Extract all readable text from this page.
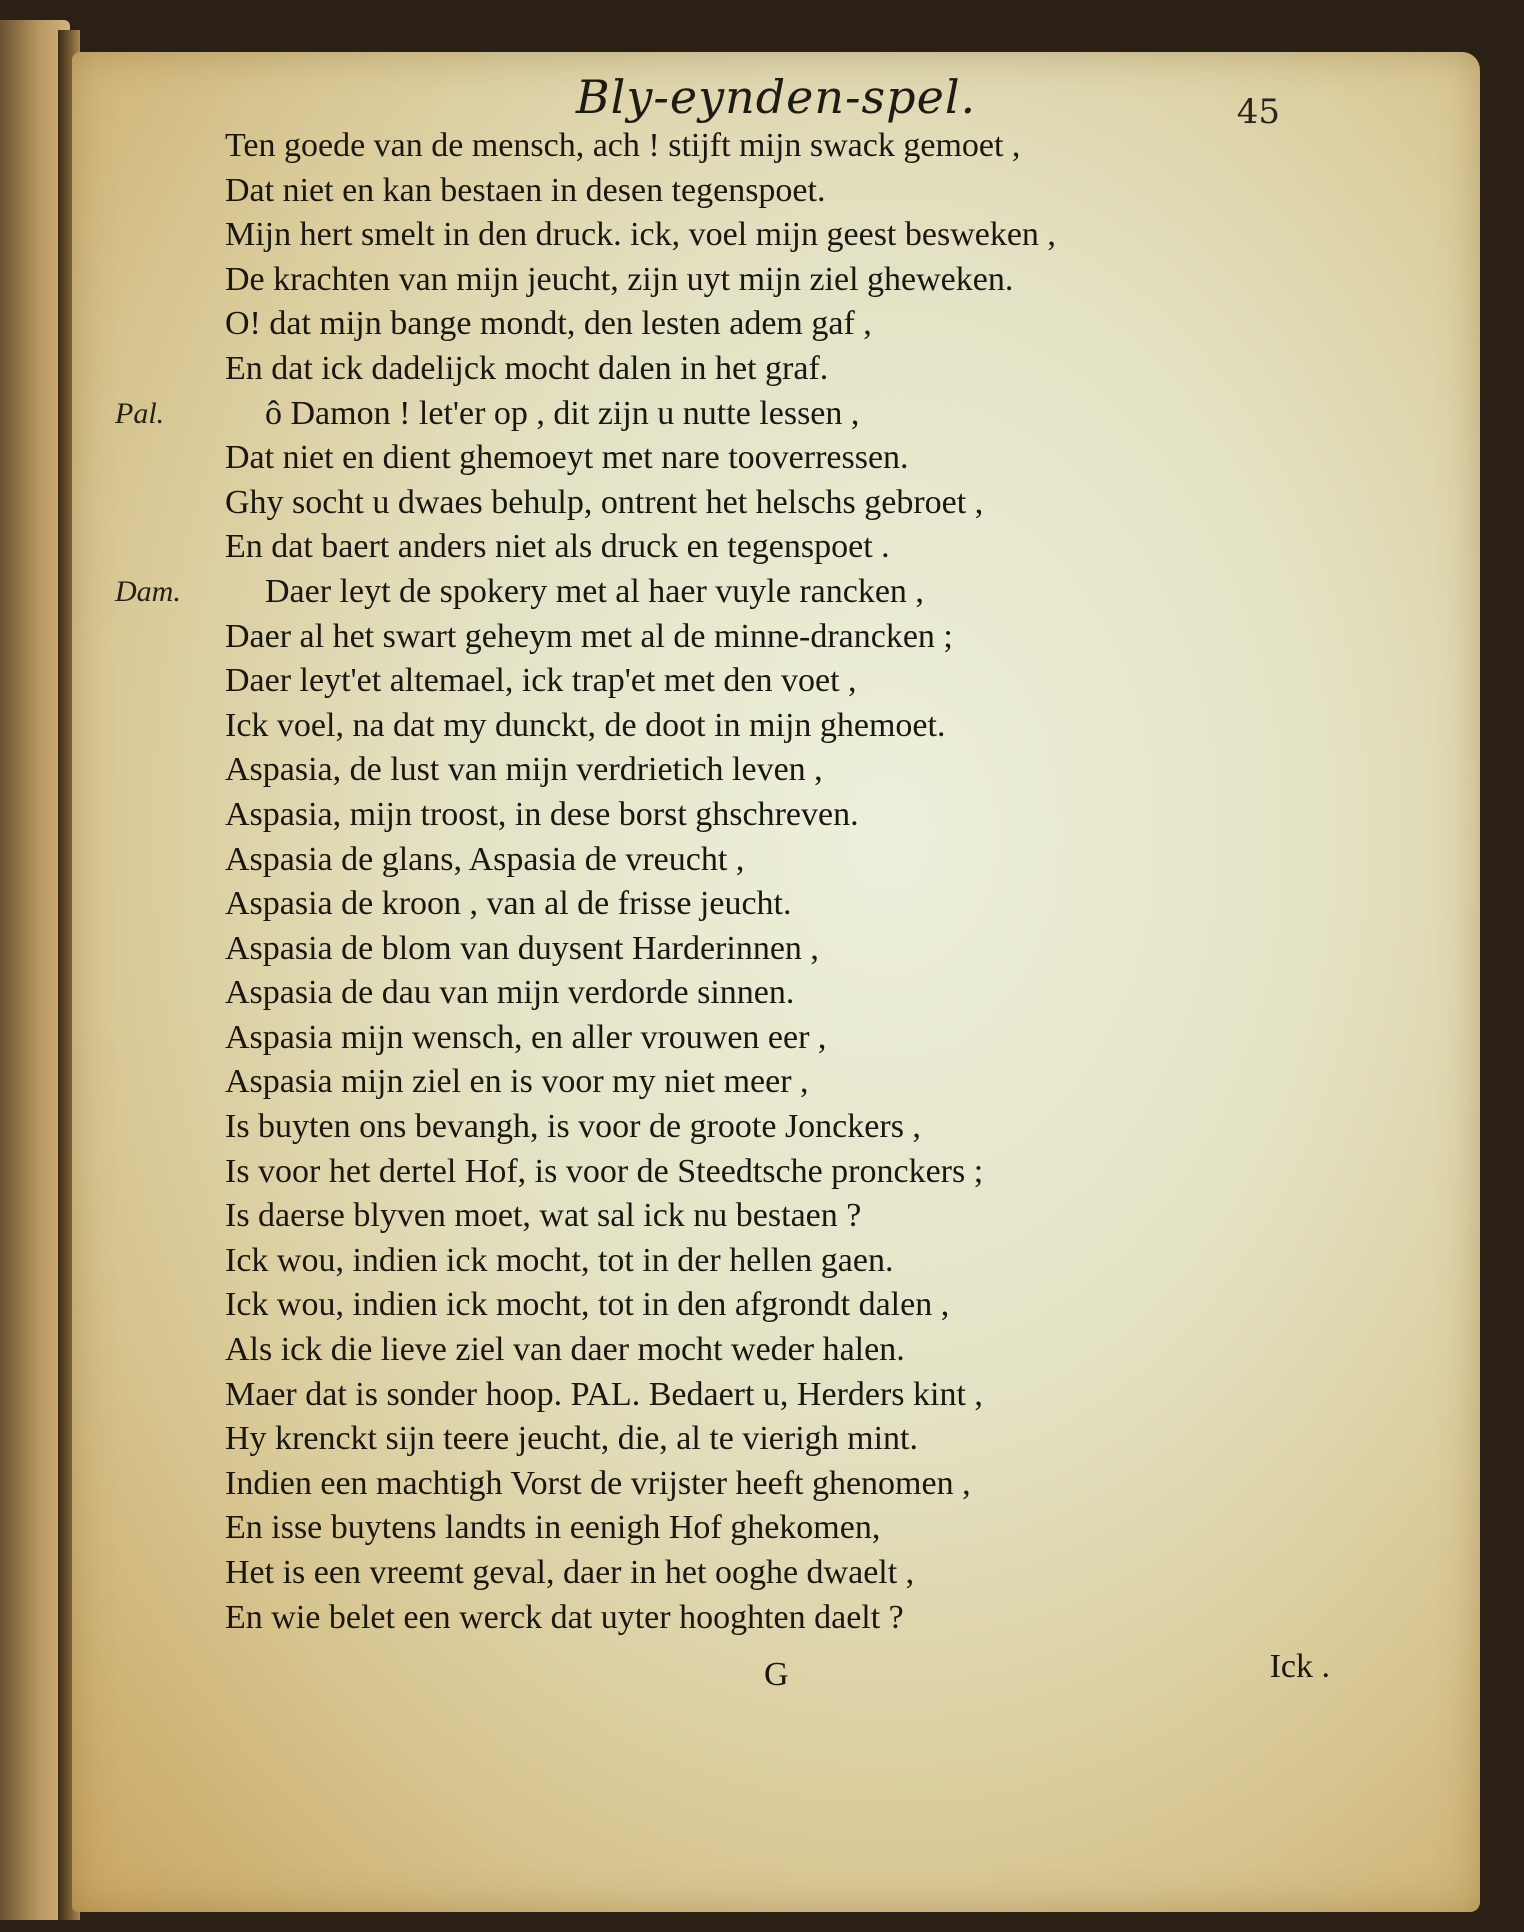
Bly-eynden-spel.	45
Ten goede van de mensch, ach ! stijft mijn swack gemoet ,
Dat niet en kan bestaen in desen tegenspoet.
Mijn hert smelt in den druck. ick, voel mijn geest besweken ,
De krachten van mijn jeucht, zijn uyt mijn ziel gheweken.
O! dat mijn bange mondt, den lesten adem gaf ,
En dat ick dadelijck mocht dalen in het graf.
Pal.	ô Damon ! let'er op , dit zijn u nutte lessen ,
Dat niet en dient ghemoeyt met nare tooverressen.
Ghy socht u dwaes behulp, ontrent het helschs gebroet ,
En dat baert anders niet als druck en tegenspoet .
Dam. Daer leyt de spokery met al haer vuyle rancken ,
Daer al het swart geheym met al de minne-drancken ;
Daer leyt'et altemael, ick trap'et met den voet ,
Ick voel, na dat my dunckt, de doot in mijn ghemoet.
Aspasia, de lust van mijn verdrietich leven ,
Aspasia, mijn troost, in dese borst ghschreven.
Aspasia de glans, Aspasia de vreucht ,
Aspasia de kroon , van al de frisse jeucht.
Aspasia de blom van duysent Harderinnen ,
Aspasia de dau van mijn verdorde sinnen.
Aspasia mijn wensch, en aller vrouwen eer ,
Aspasia mijn ziel en is voor my niet meer ,
Is buyten ons bevangh, is voor de groote Jonckers ,
Is voor het dertel Hof, is voor de Steedtsche pronckers ;
Is daerse blyven moet, wat sal ick nu bestaen ?
Ick wou, indien ick mocht, tot in der hellen gaen.
Ick wou, indien ick mocht, tot in den afgrondt dalen ,
Als ick die lieve ziel van daer mocht weder halen.
Maer dat is sonder hoop. PAL. Bedaert u, Herders kint ,
Hy krenckt sijn teere jeucht, die, al te vierigh mint.
Indien een machtigh Vorst de vrijster heeft ghenomen ,
En isse buytens landts in eenigh Hof ghekomen,
Het is een vreemt geval, daer in het ooghe dwaelt ,
En wie belet een werck dat uyter hooghten daelt ?
G	Ick .
